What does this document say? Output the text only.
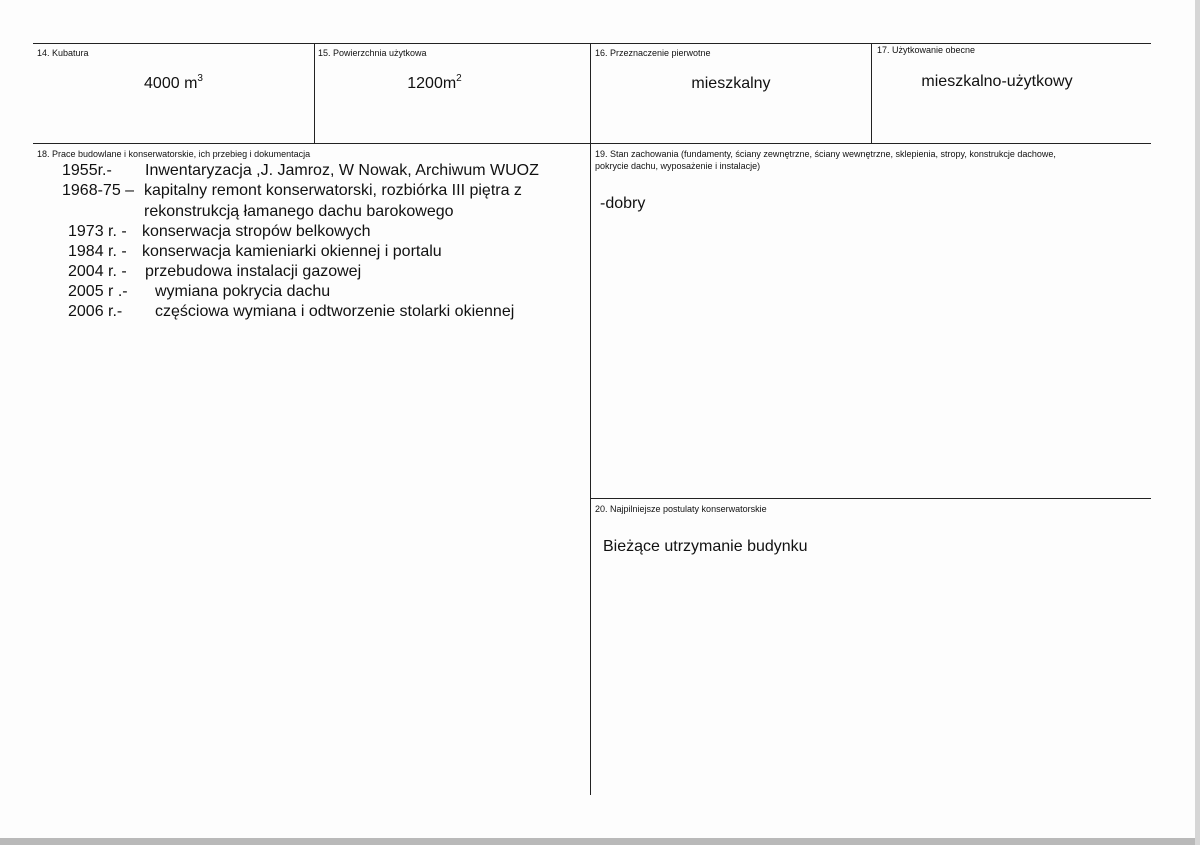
14. Kubatura
4000 $m^3$
15. Powierzchnia użytkowa
$1200m^2$
16. Przeznaczenie pierwotne
mieszkalny
17. Użytkowanie obecne
mieszkalno-użytkowy
18. Prace budowlane i konserwatorskie, ich przebieg i dokumentacja
1955r.- Inwentaryzacja ,J. Jamroz, W Nowak, Archiwum WUOZ
1968-75 – kapitalny remont konserwatorski, rozbiórka III piętra z
rekonstrukcją łamanego dachu barokowego
1973 r. - konserwacja stropów belkowych
1984 r. - konserwacja kamieniarki okiennej i portalu
2004 r. - przebudowa instalacji gazowej
2005 r .- wymiana pokrycia dachu
2006 r.- częściowa wymiana i odtworzenie stolarki okiennej
19. Stan zachowania (fundamenty, ściany zewnętrzne, ściany wewnętrzne, sklepienia, stropy, konstrukcje dachowe, pokrycie dachu, wyposażenie i instalacje)
-dobry
20. Najpilniejsze postulaty konserwatorskie
Bieżące utrzymanie budynku
